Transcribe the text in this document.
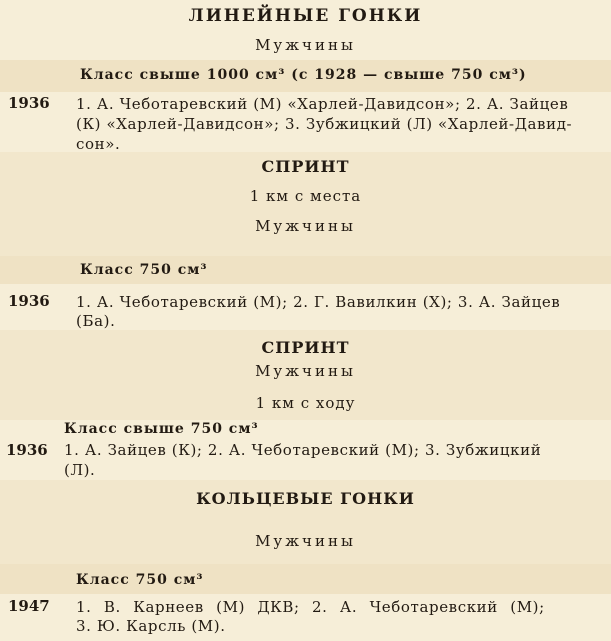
ЛИНЕЙНЫЕ ГОНКИ
Мужчины
Класс свыше 1000 см³ (с 1928 — свыше 750 см³)
1936 1. А. Чеботаревский (М) «Харлей-Давидсон»; 2. А. Зайцев
(К) «Харлей-Давидсон»; 3. Зубжицкий (Л) «Харлей-Давид-
сон».
СПРИНТ
1 км с места
Мужчины
Класс 750 см³
1936 1. А. Чеботаревский (М); 2. Г. Вавилкин (Х); 3. А. Зайцев
(Ба).
СПРИНТ
Мужчины
1 км с ходу
Класс свыше 750 см³
1936 1. А. Зайцев (К); 2. А. Чеботаревский (М); 3. Зубжицкий
(Л).
КОЛЬЦЕВЫЕ ГОНКИ
Мужчины
Класс 750 см³
1947 1. В. Карнеев (М) ДКВ; 2. А. Чеботаревский (М);
3. Ю. Карсль (М).
